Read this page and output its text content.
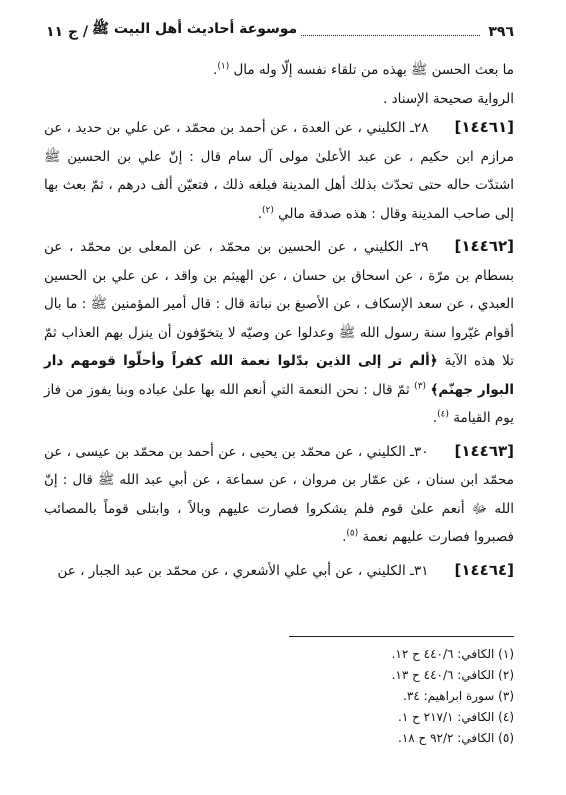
٣٩٦
موسوعة أحاديث أهل البيت ﷺ
/ ج ١١

ما بعث الحسن ﷺ بهذه من تلقاء نفسه إلّا وله مال $^{(١)}$.

الرواية صحيحة الإسناد .

[١٤٤٦١]٢٨ـ الكليني ، عن العدة ، عن أحمد بن محمّد ، عن علي بن حديد ، عن مرازم ابن حكيم ، عن عبد الأعلىٰ مولى آل سام قال : إنّ علي بن الحسين ﷺ اشتدّت حاله حتى تحدّث بذلك أهل المدينة فبلغه ذلك ، فتعيّن ألف درهم ، ثمّ بعث بها إلى صاحب المدينة وقال : هذه صدقة مالي $^{(٢)}$.

[١٤٤٦٢]٢٩ـ الكليني ، عن الحسين بن محمّد ، عن المعلى بن محمّد ، عن بسطام بن مرّة ، عن اسحاق بن حسان ، عن الهيثم بن واقد ، عن علي بن الحسين العبدي ، عن سعد الإسكاف ، عن الأصبغ بن نباتة قال : قال أمير المؤمنين ﷺ : ما بال أقوام غيّروا سنة رسول الله ﷺ وعدلوا عن وصيّه لا يتخوّفون أن ينزل بهم العذاب ثمّ تلا هذه الآية ﴿ألم تر إلى الذين بدّلوا نعمة الله كفراً وأحلّوا قومهم دار البوار جهنّم﴾ $^{(٣)}$ ثمّ قال : نحن النعمة التي أنعم الله بها علىٰ عباده وبنا يفوز من فاز يوم القيامة $^{(٤)}$.

[١٤٤٦٣]٣٠ـ الكليني ، عن محمّد بن يحيى ، عن أحمد بن محمّد بن عيسى ، عن محمّد ابن سنان ، عن عمّار بن مروان ، عن سماعة ، عن أبي عبد الله ﷺ قال : إنّ الله ﷻ أنعم علىٰ قوم فلم يشكروا فصارت عليهم وبالاً ، وابتلى قوماً بالمصائب فصبروا فصارت عليهم نعمة $^{(٥)}$.

[١٤٤٦٤]٣١ـ الكليني ، عن أبي علي الأشعري ، عن محمّد بن عبد الجبار ، عن

(١) الكافي: ٤٤٠/٦ ح ١٢.

(٢) الكافي: ٤٤٠/٦ ح ١٣.

(٣) سورة ابراهيم: ٣٤.

(٤) الكافي: ٢١٧/١ ح ١.

(٥) الكافي: ٩٢/٢ ح ١٨.
